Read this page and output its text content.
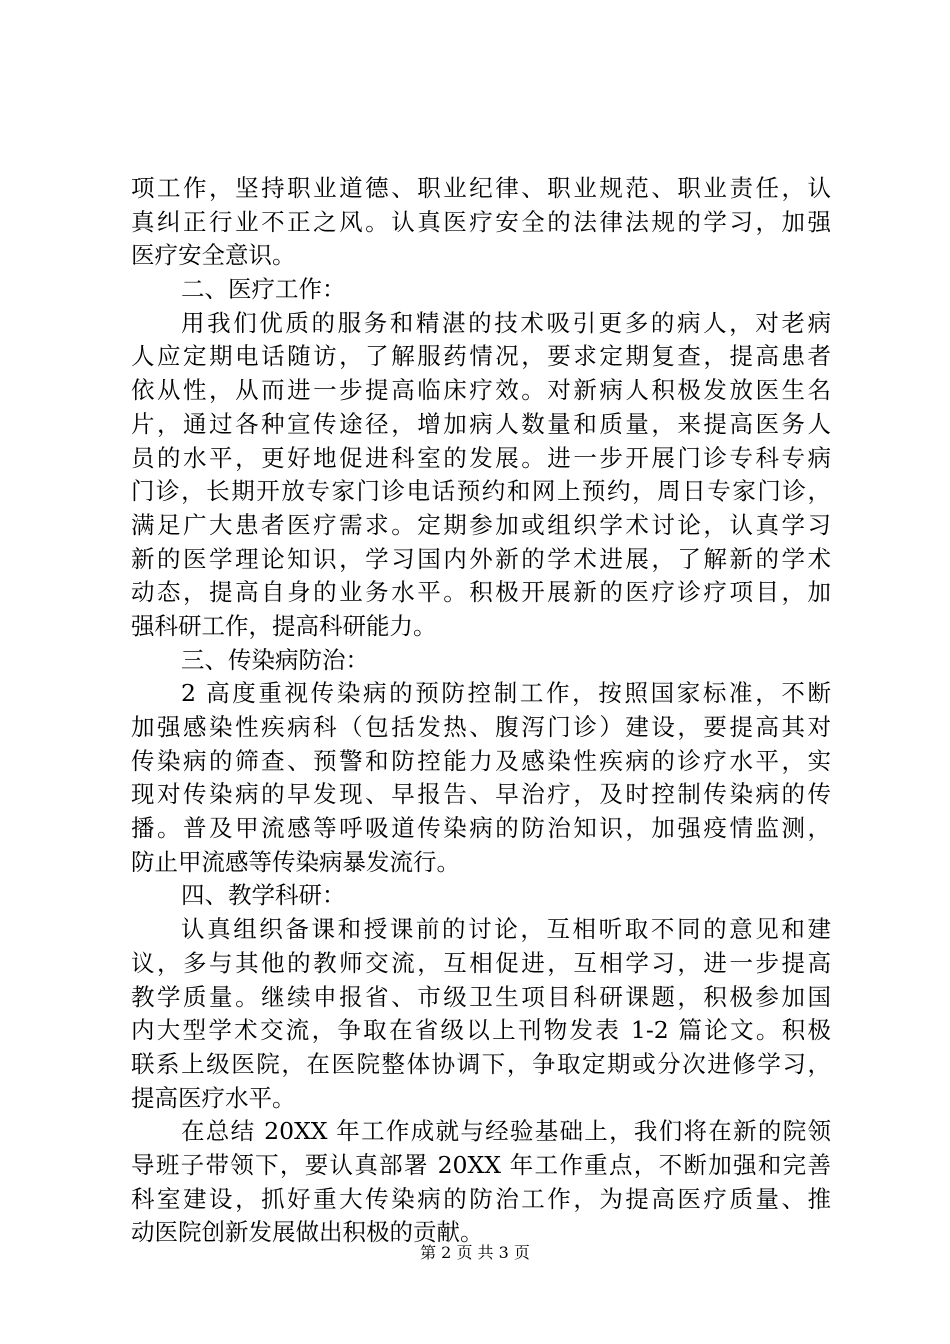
项工作，坚持职业道德、职业纪律、职业规范、职业责任，认
真纠正行业不正之风。认真医疗安全的法律法规的学习，加强
医疗安全意识。
二、医疗工作：
用我们优质的服务和精湛的技术吸引更多的病人，对老病
人应定期电话随访，了解服药情况，要求定期复查，提高患者
依从性，从而进一步提高临床疗效。对新病人积极发放医生名
片，通过各种宣传途径，增加病人数量和质量，来提高医务人
员的水平，更好地促进科室的发展。进一步开展门诊专科专病
门诊，长期开放专家门诊电话预约和网上预约，周日专家门诊，
满足广大患者医疗需求。定期参加或组织学术讨论，认真学习
新的医学理论知识，学习国内外新的学术进展，了解新的学术
动态，提高自身的业务水平。积极开展新的医疗诊疗项目，加
强科研工作，提高科研能力。
三、传染病防治：
2 高度重视传染病的预防控制工作，按照国家标准，不断
加强感染性疾病科（包括发热、腹泻门诊）建设，要提高其对
传染病的筛查、预警和防控能力及感染性疾病的诊疗水平，实
现对传染病的早发现、早报告、早治疗，及时控制传染病的传
播。普及甲流感等呼吸道传染病的防治知识，加强疫情监测，
防止甲流感等传染病暴发流行。
四、教学科研：
认真组织备课和授课前的讨论，互相听取不同的意见和建
议，多与其他的教师交流，互相促进，互相学习，进一步提高
教学质量。继续申报省、市级卫生项目科研课题，积极参加国
内大型学术交流，争取在省级以上刊物发表 1-2 篇论文。积极
联系上级医院，在医院整体协调下，争取定期或分次进修学习，
提高医疗水平。
在总结 20XX 年工作成就与经验基础上，我们将在新的院领
导班子带领下，要认真部署 20XX 年工作重点，不断加强和完善
科室建设，抓好重大传染病的防治工作，为提高医疗质量、推
动医院创新发展做出积极的贡献。
第 2 页 共 3 页
